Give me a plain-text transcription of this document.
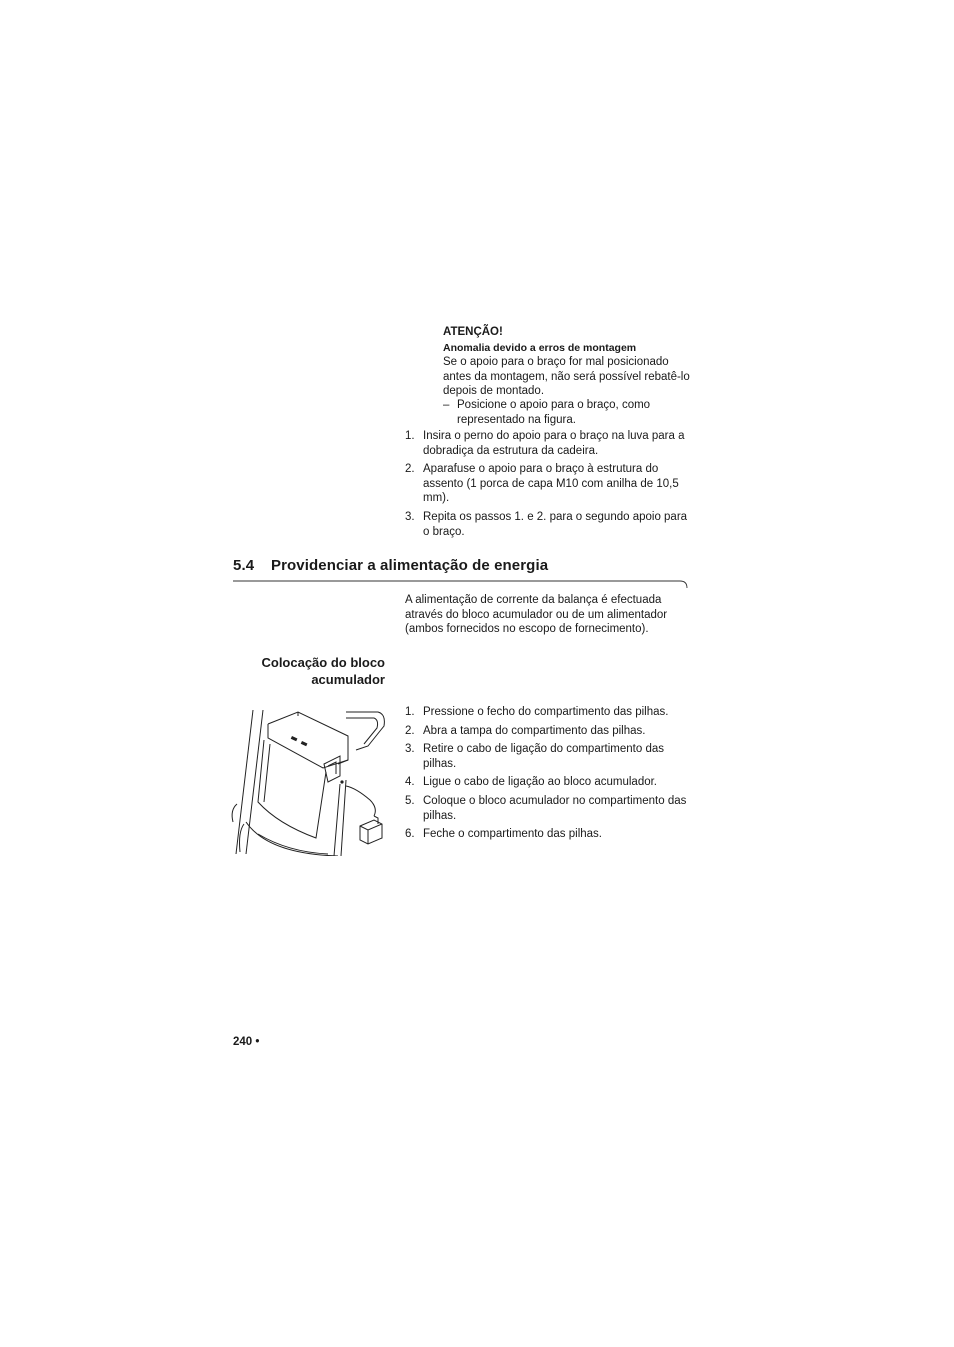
ATENÇÃO!
Anomalia devido a erros de montagem
Se o apoio para o braço for mal posicionado antes da montagem, não será possível rebatê-lo depois de montado.
– Posicione o apoio para o braço, como representado na figura.
1. Insira o perno do apoio para o braço na luva para a dobradiça da estrutura da cadeira.
2. Aparafuse o apoio para o braço à estrutura do assento (1 porca de capa M10 com anilha de 10,5 mm).
3. Repita os passos 1. e 2. para o segundo apoio para o braço.
5.4 Providenciar a alimentação de energia
A alimentação de corrente da balança é efectuada através do bloco acumulador ou de um alimentador (ambos fornecidos no escopo de fornecimento).
Colocação do bloco
acumulador
1. Pressione o fecho do compartimento das pilhas.
2. Abra a tampa do compartimento das pilhas.
3. Retire o cabo de ligação do compartimento das pilhas.
4. Ligue o cabo de ligação ao bloco acumulador.
5. Coloque o bloco acumulador no compartimento das pilhas.
6. Feche o compartimento das pilhas.
240 •
